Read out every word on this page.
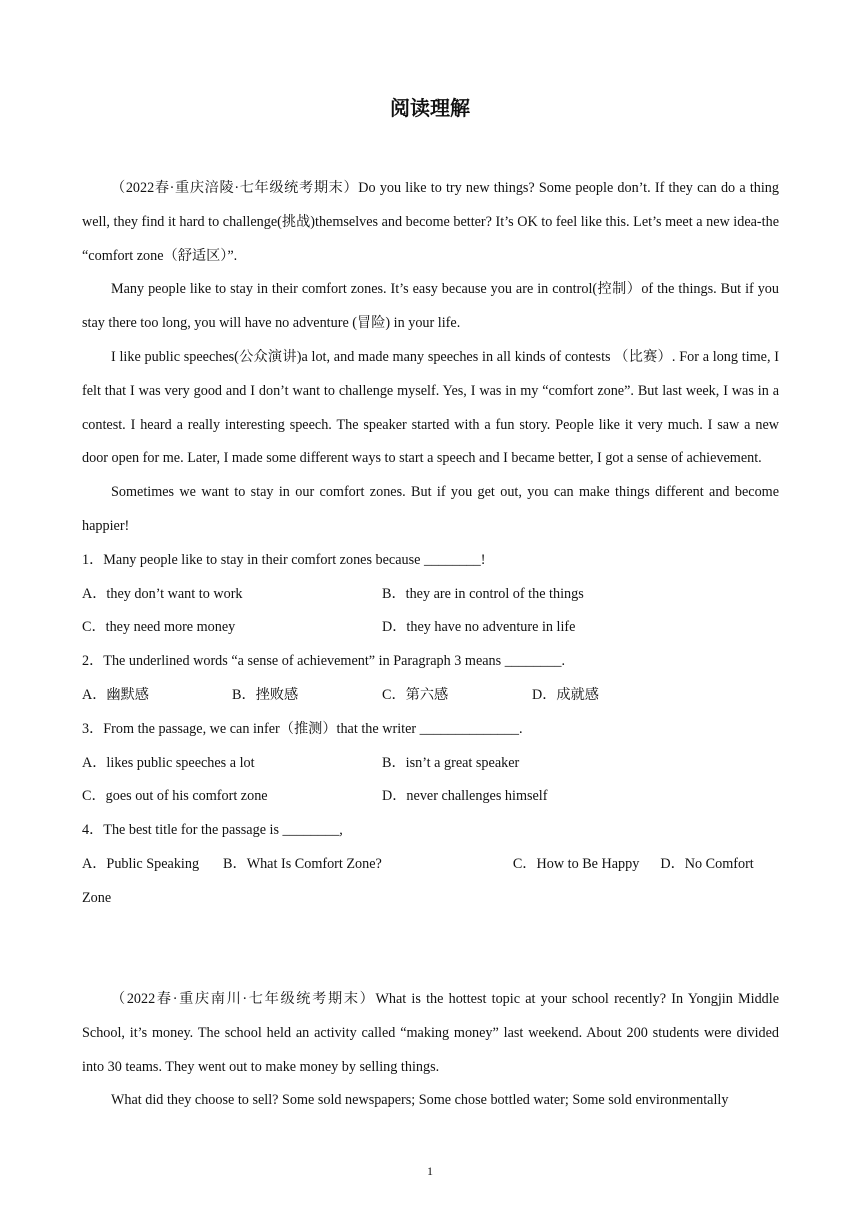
阅读理解

（2022春·重庆涪陵·七年级统考期末）Do you like to try new things? Some people don’t. If they can do a thing well, they find it hard to challenge(挑战)themselves and become better? It’s OK to feel like this. Let’s meet a new idea-the “comfort zone（舒适区）”.

Many people like to stay in their comfort zones. It’s easy because you are in control(控制）of the things. But if you stay there too long, you will have no adventure (冒险) in your life.

I like public speeches(公众演讲)a lot, and made many speeches in all kinds of contests （比赛）. For a long time, I felt that I was very good and I don’t want to challenge myself. Yes, I was in my “comfort zone”. But last week, I was in a contest. I heard a really interesting speech. The speaker started with a fun story. People like it very much. I saw a new door open for me. Later, I made some different ways to start a speech and I became better, I got a sense of achievement.

Sometimes we want to stay in our comfort zones. But if you get out, you can make things different and become happier!

1．Many people like to stay in their comfort zones because ________!

A．they don’t want to work	B．they are in control of the things
C．they need more money	D．they have no adventure in life

2．The underlined words “a sense of achievement” in Paragraph 3 means ________.

A．幽默感	B．挫败感	C．第六感	D．成就感

3．From the passage, we can infer（推测）that the writer ______________.

A．likes public speeches a lot	B．isn’t a great speaker
C．goes out of his comfort zone	D．never challenges himself

4．The best title for the passage is ________,

A．Public Speaking B．What Is Comfort Zone?	C．How to Be Happy D．No Comfort Zone

（2022春·重庆南川·七年级统考期末）What is the hottest topic at your school recently? In Yongjin Middle School, it’s money. The school held an activity called “making money” last weekend. About 200 students were divided into 30 teams. They went out to make money by selling things.

What did they choose to sell? Some sold newspapers; Some chose bottled water; Some sold environmentally

1
